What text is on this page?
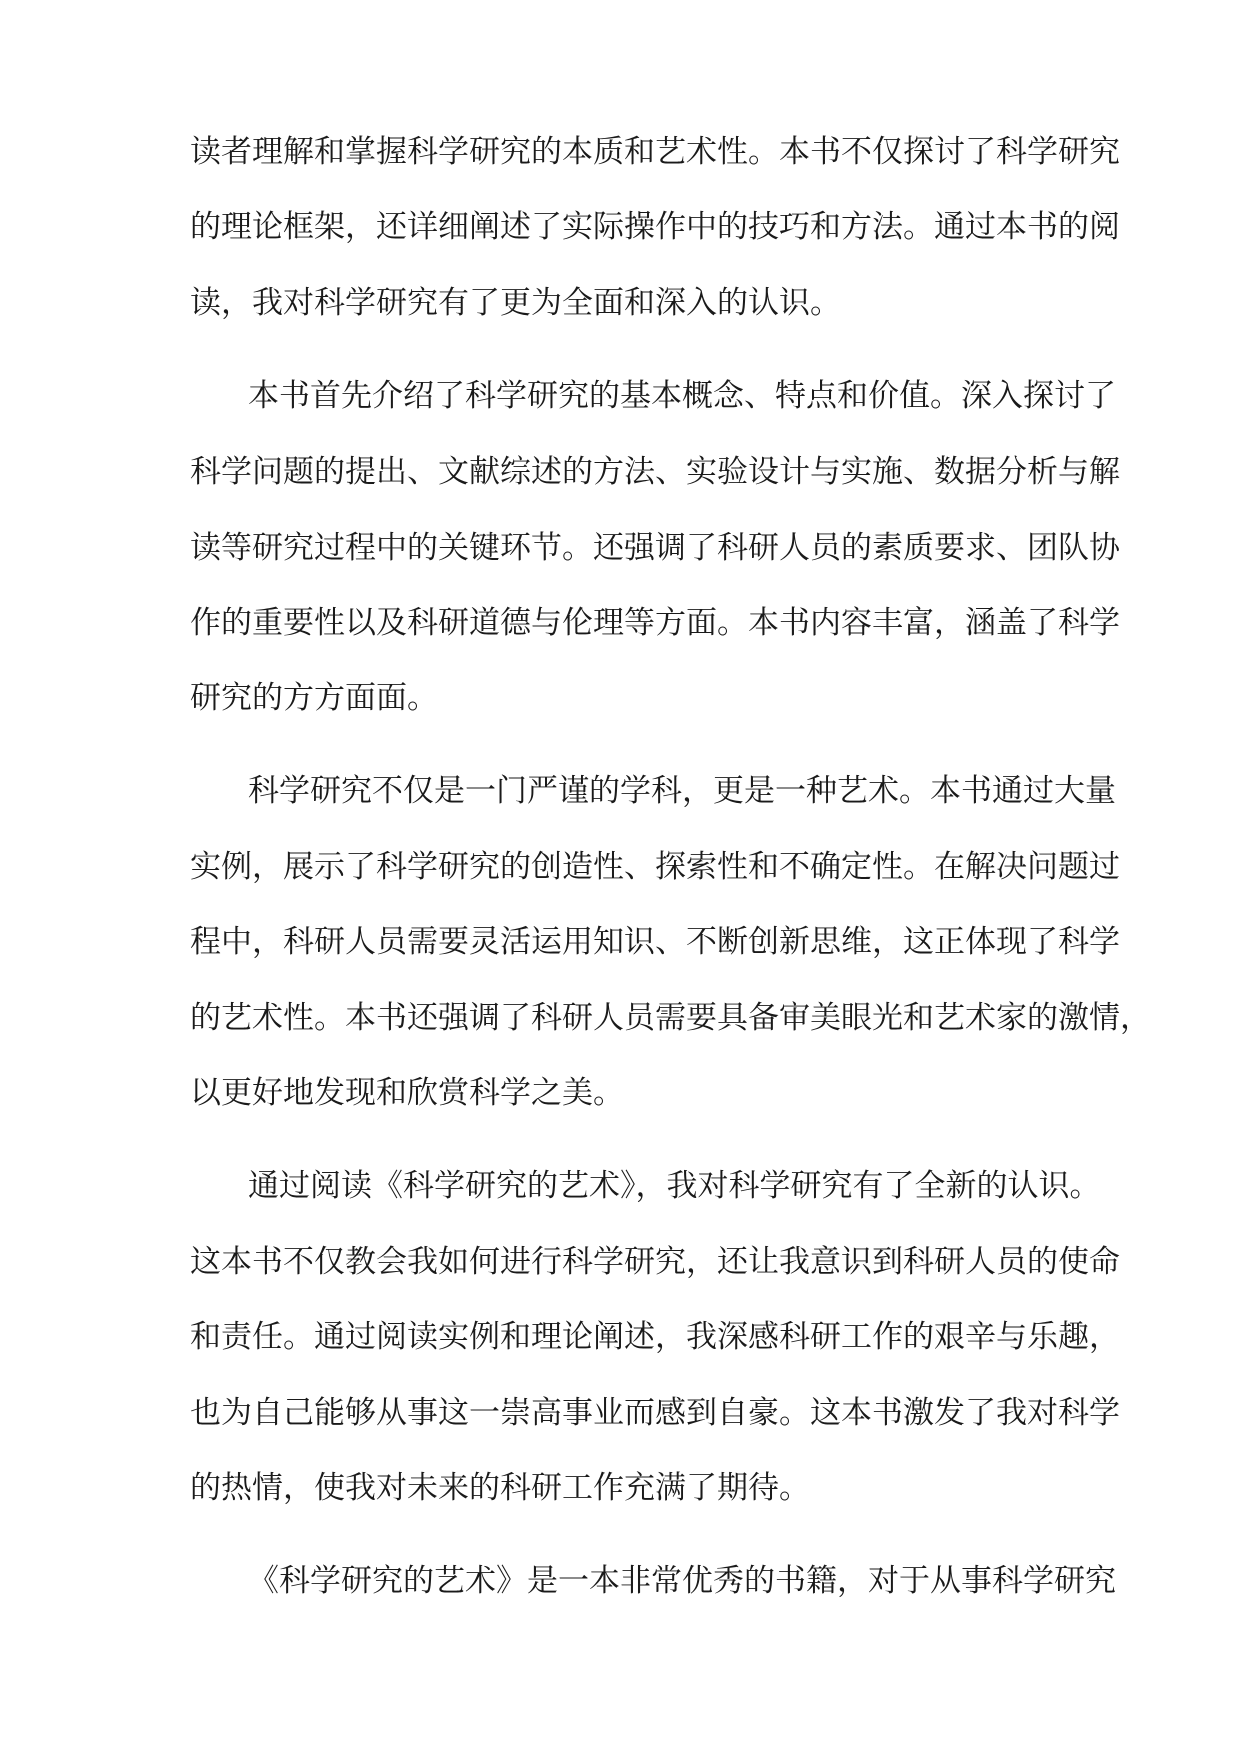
读者理解和掌握科学研究的本质和艺术性。本书不仅探讨了科学研究

的理论框架，还详细阐述了实际操作中的技巧和方法。通过本书的阅

读，我对科学研究有了更为全面和深入的认识。

本书首先介绍了科学研究的基本概念、特点和价值。深入探讨了

科学问题的提出、文献综述的方法、实验设计与实施、数据分析与解

读等研究过程中的关键环节。还强调了科研人员的素质要求、团队协

作的重要性以及科研道德与伦理等方面。本书内容丰富，涵盖了科学

研究的方方面面。

科学研究不仅是一门严谨的学科，更是一种艺术。本书通过大量

实例，展示了科学研究的创造性、探索性和不确定性。在解决问题过

程中，科研人员需要灵活运用知识、不断创新思维，这正体现了科学

的艺术性。本书还强调了科研人员需要具备审美眼光和艺术家的激情，

以更好地发现和欣赏科学之美。

通过阅读《科学研究的艺术》，我对科学研究有了全新的认识。

这本书不仅教会我如何进行科学研究，还让我意识到科研人员的使命

和责任。通过阅读实例和理论阐述，我深感科研工作的艰辛与乐趣，

也为自己能够从事这一崇高事业而感到自豪。这本书激发了我对科学

的热情，使我对未来的科研工作充满了期待。

《科学研究的艺术》是一本非常优秀的书籍，对于从事科学研究
